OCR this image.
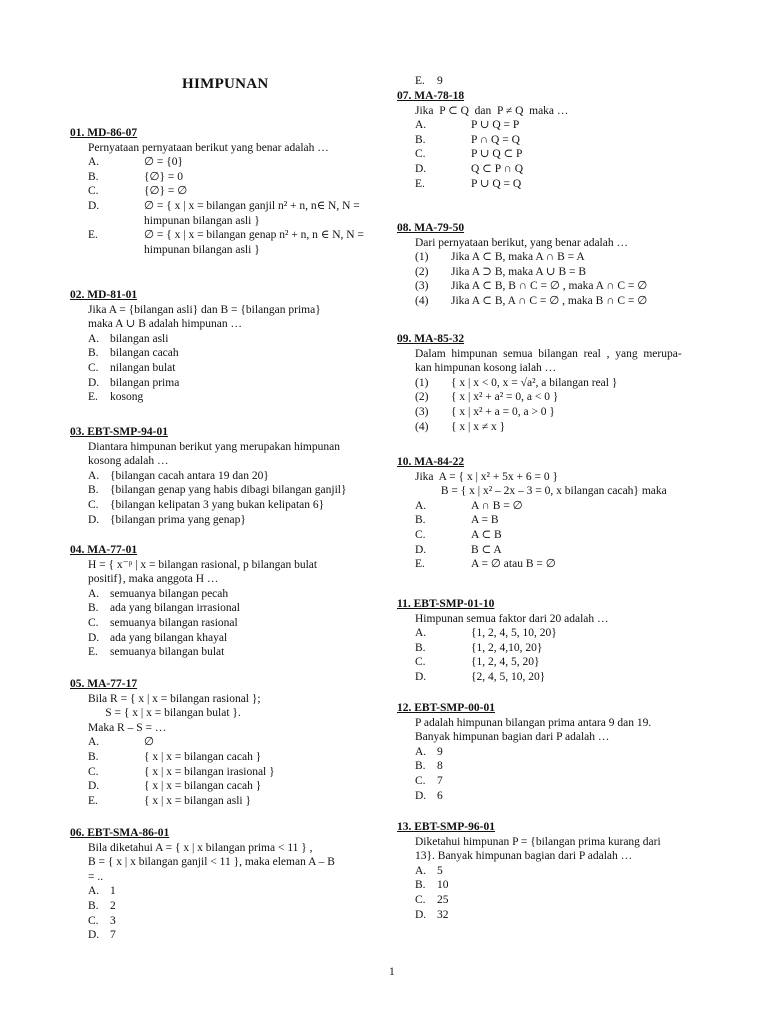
HIMPUNAN
01. MD-86-07
Pernyataan pernyataan berikut yang benar adalah …
A.	∅ = {0}
B.	{∅} = 0
C.	{∅} = ∅
D.	∅ = { x | x = bilangan ganjil n² + n, n∈ N, N = himpunan bilangan asli }
E.	∅ = { x | x = bilangan genap n² + n, n ∈ N, N = himpunan bilangan asli }
02. MD-81-01
Jika A = {bilangan asli} dan B = {bilangan prima}
maka A ∪ B adalah himpunan …
A. bilangan asli
B. bilangan cacah
C. nilangan bulat
D. bilangan prima
E.	kosong
03. EBT-SMP-94-01
Diantara himpunan berikut yang merupakan himpunan
kosong adalah …
A. {bilangan cacah antara 19 dan 20}
B. {bilangan genap yang habis dibagi bilangan ganjil}
C. {bilangan kelipatan 3 yang bukan kelipatan 6}
D. {bilangan prima yang genap}
04. MA-77-01
H = { x⁻ᵖ | x = bilangan rasional, p bilangan bulat
positif}, maka anggota H …
A. semuanya bilangan pecah
B. ada yang bilangan irrasional
C. semuanya bilangan rasional
D. ada yang bilangan khayal
E.	semuanya bilangan bulat
05. MA-77-17
Bila R = { x | x = bilangan rasional };
S = { x | x = bilangan bulat }.
Maka R – S = …
A.	∅
B.	{ x | x = bilangan cacah }
C.	{ x | x = bilangan irasional }
D.	{ x | x = bilangan cacah }
E.	{ x | x = bilangan asli }
06. EBT-SMA-86-01
Bila diketahui A = { x | x bilangan prima < 11 } ,
B = { x | x bilangan ganjil < 11 }, maka eleman A – B
= ..
A. 1
B. 2
C. 3
D. 7
E.	9
07. MA-78-18
Jika  P ⊂ Q  dan  P ≠ Q  maka …
A.	P ∪ Q = P
B.	P ∩ Q = Q
C.	P ∪ Q ⊂ P
D.	Q ⊂ P ∩ Q
E.	P ∪ Q = Q
08. MA-79-50
Dari pernyataan berikut, yang benar adalah …
(1)	Jika A ⊂ B, maka A ∩ B = A
(2)	Jika A ⊃ B, maka A ∪ B = B
(3)	Jika A ⊂ B, B ∩ C = ∅ , maka A ∩ C = ∅
(4)	Jika A ⊂ B, A ∩ C = ∅ , maka B ∩ C = ∅
09. MA-85-32
Dalam  himpunan  semua  bilangan  real  ,  yang  merupa-
kan himpunan kosong ialah …
(1)	{ x | x < 0, x = √a², a bilangan real }
(2)	{ x | x² + a² = 0, a < 0 }
(3)	{ x | x² + a = 0, a > 0 }
(4)	{ x | x ≠ x }
10. MA-84-22
Jika  A = { x | x² + 5x + 6 = 0 }
B = { x | x² – 2x – 3 = 0, x bilangan cacah} maka
A.	A ∩ B = ∅
B.	A = B
C.	A ⊂ B
D.	B ⊂ A
E.	A = ∅ atau B = ∅
11. EBT-SMP-01-10
Himpunan semua faktor dari 20 adalah …
A.	{1, 2, 4, 5, 10, 20}
B.	{1, 2, 4,10, 20}
C.	{1, 2, 4, 5, 20}
D.	{2, 4, 5, 10, 20}
12. EBT-SMP-00-01
P adalah himpunan bilangan prima antara 9 dan 19.
Banyak himpunan bagian dari P adalah …
A. 9
B. 8
C. 7
D. 6
13. EBT-SMP-96-01
Diketahui himpunan P = {bilangan prima kurang dari
13}. Banyak himpunan bagian dari P adalah …
A. 5
B. 10
C. 25
D. 32
1
